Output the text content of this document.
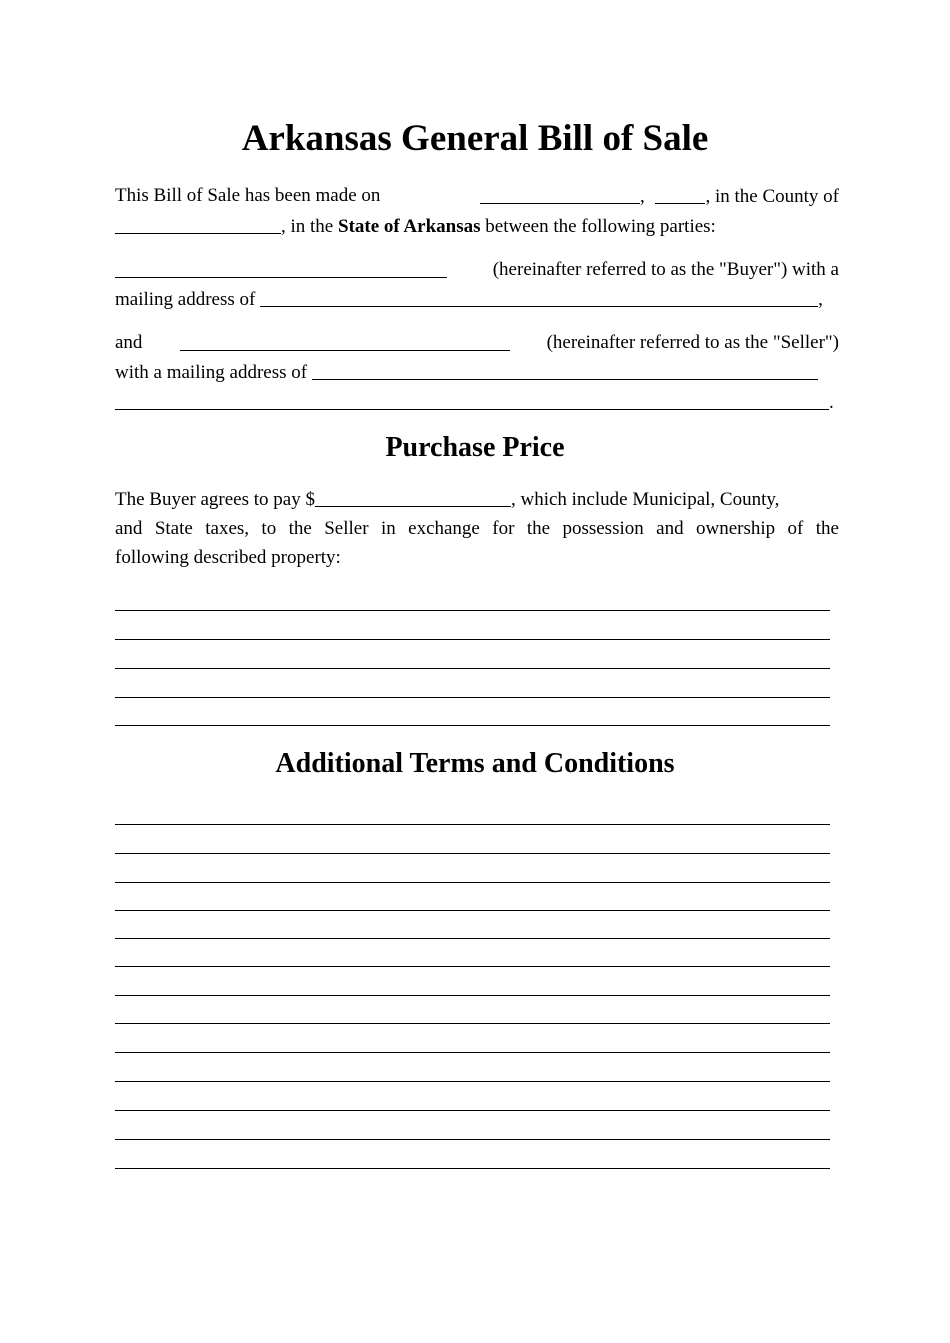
Arkansas General Bill of Sale
This Bill of Sale has been made on	,	, in the County of
, in the State of Arkansas between the following parties:
(hereinafter referred to as the "Buyer") with a
mailing address of	,
and	(hereinafter referred to as the "Seller")
with a mailing address of
.
Purchase Price
The Buyer agrees to pay $	, which include Municipal, County,
and State taxes, to the Seller in exchange for the possession and ownership of the
following described property:
Additional Terms and Conditions
